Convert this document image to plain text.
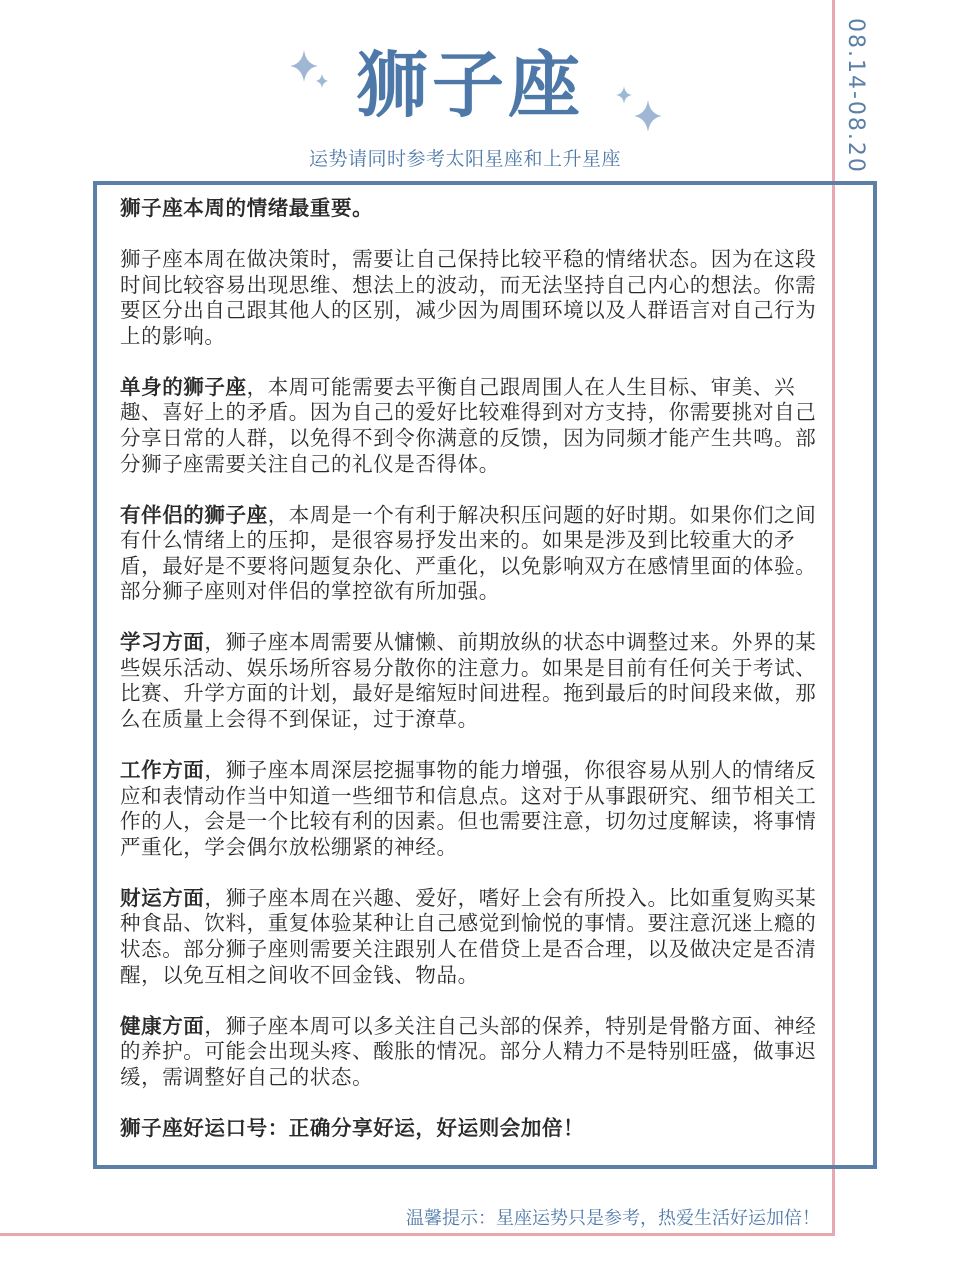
08.14-08.20
狮子座
运势请同时参考太阳星座和上升星座

狮子座本周的情绪最重要。

狮子座本周在做决策时，需要让自己保持比较平稳的情绪状态。因为在这段时间比较容易出现思维、想法上的波动，而无法坚持自己内心的想法。你需要区分出自己跟其他人的区别，减少因为周围环境以及人群语言对自己行为上的影响。

单身的狮子座，本周可能需要去平衡自己跟周围人在人生目标、审美、兴趣、喜好上的矛盾。因为自己的爱好比较难得到对方支持，你需要挑对自己分享日常的人群，以免得不到令你满意的反馈，因为同频才能产生共鸣。部分狮子座需要关注自己的礼仪是否得体。

有伴侣的狮子座，本周是一个有利于解决积压问题的好时期。如果你们之间有什么情绪上的压抑，是很容易抒发出来的。如果是涉及到比较重大的矛盾，最好是不要将问题复杂化、严重化，以免影响双方在感情里面的体验。部分狮子座则对伴侣的掌控欲有所加强。

学习方面，狮子座本周需要从慵懒、前期放纵的状态中调整过来。外界的某些娱乐活动、娱乐场所容易分散你的注意力。如果是目前有任何关于考试、比赛、升学方面的计划，最好是缩短时间进程。拖到最后的时间段来做，那么在质量上会得不到保证，过于潦草。

工作方面，狮子座本周深层挖掘事物的能力增强，你很容易从别人的情绪反应和表情动作当中知道一些细节和信息点。这对于从事跟研究、细节相关工作的人，会是一个比较有利的因素。但也需要注意，切勿过度解读，将事情严重化，学会偶尔放松绷紧的神经。

财运方面，狮子座本周在兴趣、爱好，嗜好上会有所投入。比如重复购买某种食品、饮料，重复体验某种让自己感觉到愉悦的事情。要注意沉迷上瘾的状态。部分狮子座则需要关注跟别人在借贷上是否合理，以及做决定是否清醒，以免互相之间收不回金钱、物品。

健康方面，狮子座本周可以多关注自己头部的保养，特别是骨骼方面、神经的养护。可能会出现头疼、酸胀的情况。部分人精力不是特别旺盛，做事迟缓，需调整好自己的状态。

狮子座好运口号：正确分享好运，好运则会加倍！

温馨提示：星座运势只是参考，热爱生活好运加倍！
